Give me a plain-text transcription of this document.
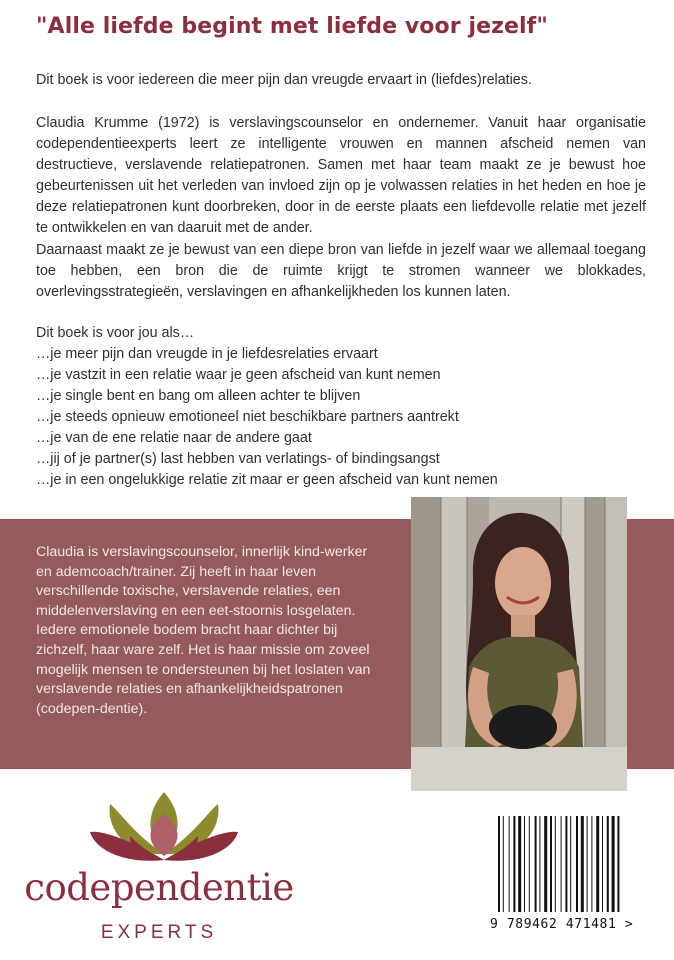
"Alle liefde begint met liefde voor jezelf"

Dit boek is voor iedereen die meer pijn dan vreugde ervaart in (liefdes)relaties.

Claudia Krumme (1972) is verslavingscounselor en ondernemer. Vanuit haar organisatie codependentieexperts leert ze intelligente vrouwen en mannen afscheid nemen van destructieve, verslavende relatiepatronen. Samen met haar team maakt ze je bewust hoe gebeurtenissen uit het verleden van invloed zijn op je volwassen relaties in het heden en hoe je deze relatiepatronen kunt doorbreken, door in de eerste plaats een liefdevolle relatie met jezelf te ontwikkelen en van daaruit met de ander.

Daarnaast maakt ze je bewust van een diepe bron van liefde in jezelf waar we allemaal toegang toe hebben, een bron die de ruimte krijgt te stromen wanneer we blokkades, overlevingsstrategieën, verslavingen en afhankelijkheden los kunnen laten.

Dit boek is voor jou als…
…je meer pijn dan vreugde in je liefdesrelaties ervaart
…je vastzit in een relatie waar je geen afscheid van kunt nemen
…je single bent en bang om alleen achter te blijven
…je steeds opnieuw emotioneel niet beschikbare partners aantrekt
…je van de ene relatie naar de andere gaat
…jij of je partner(s) last hebben van verlatings- of bindingsangst
…je in een ongelukkige relatie zit maar er geen afscheid van kunt nemen

Claudia is verslavingscounselor, innerlijk kind-werker en ademcoach/trainer. Zij heeft in haar leven verschillende toxische, verslavende relaties, een middelenverslaving en een eet-stoornis losgelaten. Iedere emotionele bodem bracht haar dichter bij zichzelf, haar ware zelf. Het is haar missie om zoveel mogelijk mensen te ondersteunen bij het loslaten van verslavende relaties en afhankelijkheidspatronen (codepen-dentie).

codependentie
EXPERTS	9 789462 471481 >
